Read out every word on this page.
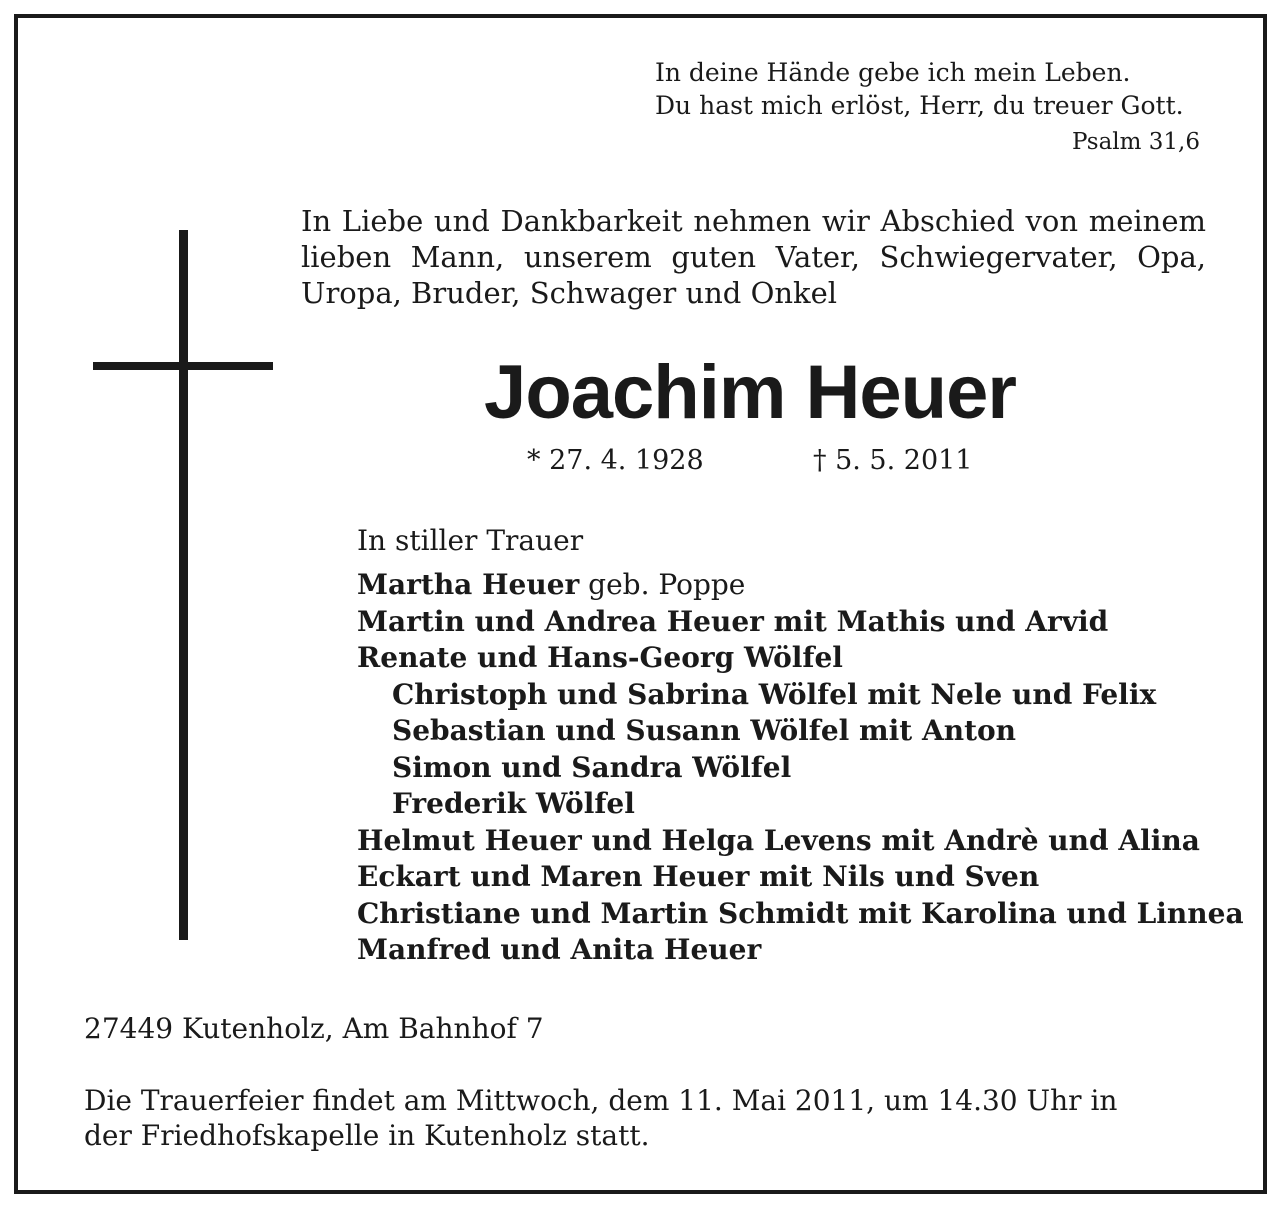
In deine Hände gebe ich mein Leben.
Du hast mich erlöst, Herr, du treuer Gott.
Psalm 31,6
In Liebe und Dankbarkeit nehmen wir Abschied von meinem lieben Mann, unserem guten Vater, Schwiegervater, Opa, Uropa, Bruder, Schwager und Onkel
Joachim Heuer
* 27. 4. 1928	† 5. 5. 2011
In stiller Trauer
Martha Heuer geb. Poppe
Martin und Andrea Heuer mit Mathis und Arvid
Renate und Hans-Georg Wölfel
Christoph und Sabrina Wölfel mit Nele und Felix
Sebastian und Susann Wölfel mit Anton
Simon und Sandra Wölfel
Frederik Wölfel
Helmut Heuer und Helga Levens mit Andrè und Alina
Eckart und Maren Heuer mit Nils und Sven
Christiane und Martin Schmidt mit Karolina und Linnea
Manfred und Anita Heuer
27449 Kutenholz, Am Bahnhof 7
Die Trauerfeier findet am Mittwoch, dem 11. Mai 2011, um 14.30 Uhr in der Friedhofskapelle in Kutenholz statt.
